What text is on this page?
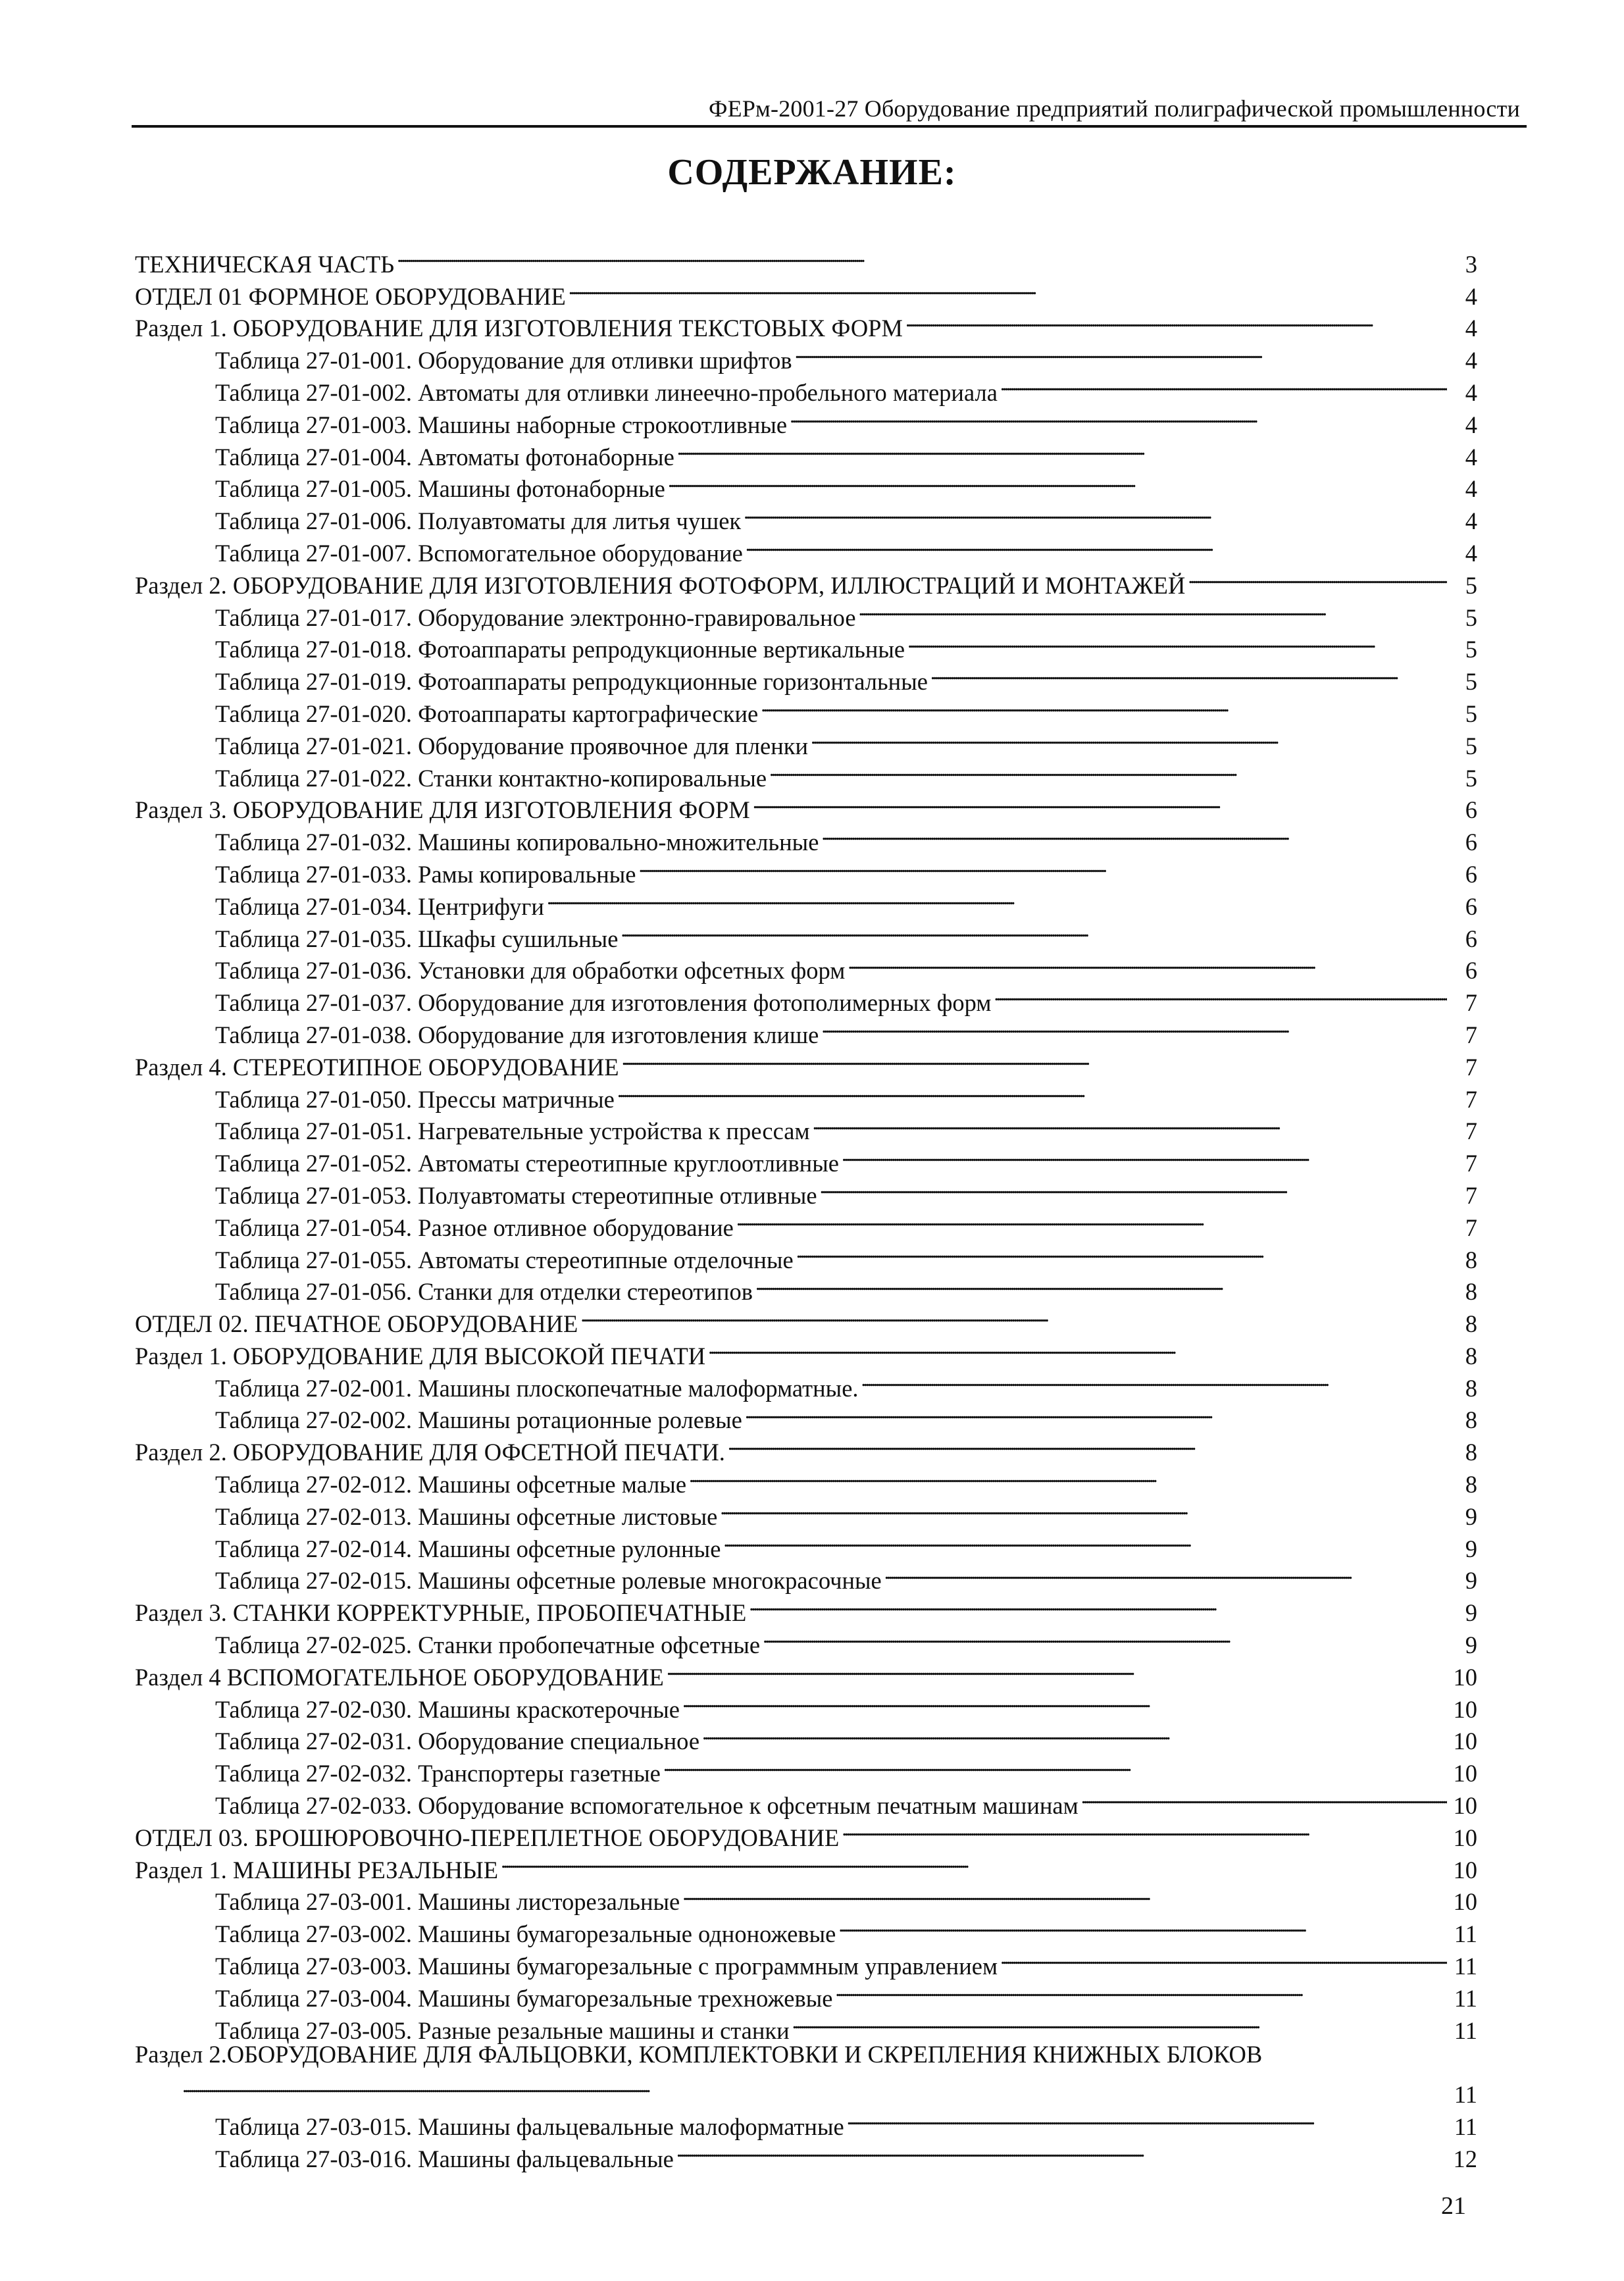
ФЕРм-2001-27 Оборудование предприятий полиграфической промышленности
СОДЕРЖАНИЕ:
ТЕХНИЧЕСКАЯ ЧАСТЬ . . .	3
ОТДЕЛ 01 ФОРМНОЕ ОБОРУДОВАНИЕ . . .	4
Раздел 1. ОБОРУДОВАНИЕ ДЛЯ ИЗГОТОВЛЕНИЯ ТЕКСТОВЫХ ФОРМ . . .	4
Таблица 27-01-001. Оборудование для отливки шрифтов . . .	4
Таблица 27-01-002. Автоматы для отливки линеечно-пробельного материала . . .	4
Таблица 27-01-003. Машины наборные строкоотливные . . .	4
Таблица 27-01-004. Автоматы фотонаборные . . .	4
Таблица 27-01-005. Машины фотонаборные . . .	4
Таблица 27-01-006. Полуавтоматы для литья чушек . . .	4
Таблица 27-01-007. Вспомогательное оборудование . . .	4
Раздел 2. ОБОРУДОВАНИЕ ДЛЯ ИЗГОТОВЛЕНИЯ ФОТОФОРМ, ИЛЛЮСТРАЦИЙ И МОНТАЖЕЙ . . .	5
Таблица 27-01-017. Оборудование электронно-гравировальное . . .	5
Таблица 27-01-018. Фотоаппараты репродукционные вертикальные . . .	5
Таблица 27-01-019. Фотоаппараты репродукционные горизонтальные . . .	5
Таблица 27-01-020. Фотоаппараты картографические . . .	5
Таблица 27-01-021. Оборудование проявочное для пленки . . .	5
Таблица 27-01-022. Станки контактно-копировальные . . .	5
Раздел 3. ОБОРУДОВАНИЕ ДЛЯ ИЗГОТОВЛЕНИЯ ФОРМ . . .	6
Таблица 27-01-032. Машины копировально-множительные . . .	6
Таблица 27-01-033. Рамы копировальные . . .	6
Таблица 27-01-034. Центрифуги . . .	6
Таблица 27-01-035. Шкафы сушильные . . .	6
Таблица 27-01-036. Установки для обработки офсетных форм . . .	6
Таблица 27-01-037. Оборудование для изготовления фотополимерных форм . . .	7
Таблица 27-01-038. Оборудование для изготовления клише . . .	7
Раздел 4. СТЕРЕОТИПНОЕ ОБОРУДОВАНИЕ . . .	7
Таблица 27-01-050. Прессы матричные . . .	7
Таблица 27-01-051. Нагревательные устройства к прессам . . .	7
Таблица 27-01-052. Автоматы стереотипные круглоотливные . . .	7
Таблица 27-01-053. Полуавтоматы стереотипные отливные . . .	7
Таблица 27-01-054. Разное отливное оборудование . . .	7
Таблица 27-01-055. Автоматы стереотипные отделочные . . .	8
Таблица 27-01-056. Станки для отделки стереотипов . . .	8
ОТДЕЛ 02. ПЕЧАТНОЕ ОБОРУДОВАНИЕ . . .	8
Раздел 1. ОБОРУДОВАНИЕ ДЛЯ ВЫСОКОЙ ПЕЧАТИ . . .	8
Таблица 27-02-001. Машины плоскопечатные малоформатные. . . .	8
Таблица 27-02-002. Машины ротационные ролевые . . .	8
Раздел 2. ОБОРУДОВАНИЕ ДЛЯ ОФСЕТНОЙ ПЕЧАТИ. . . .	8
Таблица 27-02-012. Машины офсетные малые . . .	8
Таблица 27-02-013. Машины офсетные листовые . . .	9
Таблица 27-02-014. Машины офсетные рулонные . . .	9
Таблица 27-02-015. Машины офсетные ролевые многокрасочные . . .	9
Раздел 3. СТАНКИ КОРРЕКТУРНЫЕ, ПРОБОПЕЧАТНЫЕ . . .	9
Таблица 27-02-025. Станки пробопечатные офсетные . . .	9
Раздел 4 ВСПОМОГАТЕЛЬНОЕ ОБОРУДОВАНИЕ . . .	10
Таблица 27-02-030. Машины краскотерочные . . .	10
Таблица 27-02-031. Оборудование специальное . . .	10
Таблица 27-02-032. Транспортеры газетные . . .	10
Таблица 27-02-033. Оборудование вспомогательное к офсетным печатным машинам . . .	10
ОТДЕЛ 03. БРОШЮРОВОЧНО-ПЕРЕПЛЕТНОЕ ОБОРУДОВАНИЕ . . .	10
Раздел 1. МАШИНЫ РЕЗАЛЬНЫЕ . . .	10
Таблица 27-03-001. Машины листорезальные . . .	10
Таблица 27-03-002. Машины бумагорезальные одноножевые . . .	11
Таблица 27-03-003. Машины бумагорезальные с программным управлением . . .	11
Таблица 27-03-004. Машины бумагорезальные трехножевые . . .	11
Таблица 27-03-005. Разные резальные машины и станки . . .	11
Раздел 2.ОБОРУДОВАНИЕ ДЛЯ ФАЛЬЦОВКИ, КОМПЛЕКТОВКИ И СКРЕПЛЕНИЯ КНИЖНЫХ БЛОКОВ
. . .
11
Таблица 27-03-015. Машины фальцевальные малоформатные . . .	11
Таблица 27-03-016. Машины фальцевальные . . .	12
21
